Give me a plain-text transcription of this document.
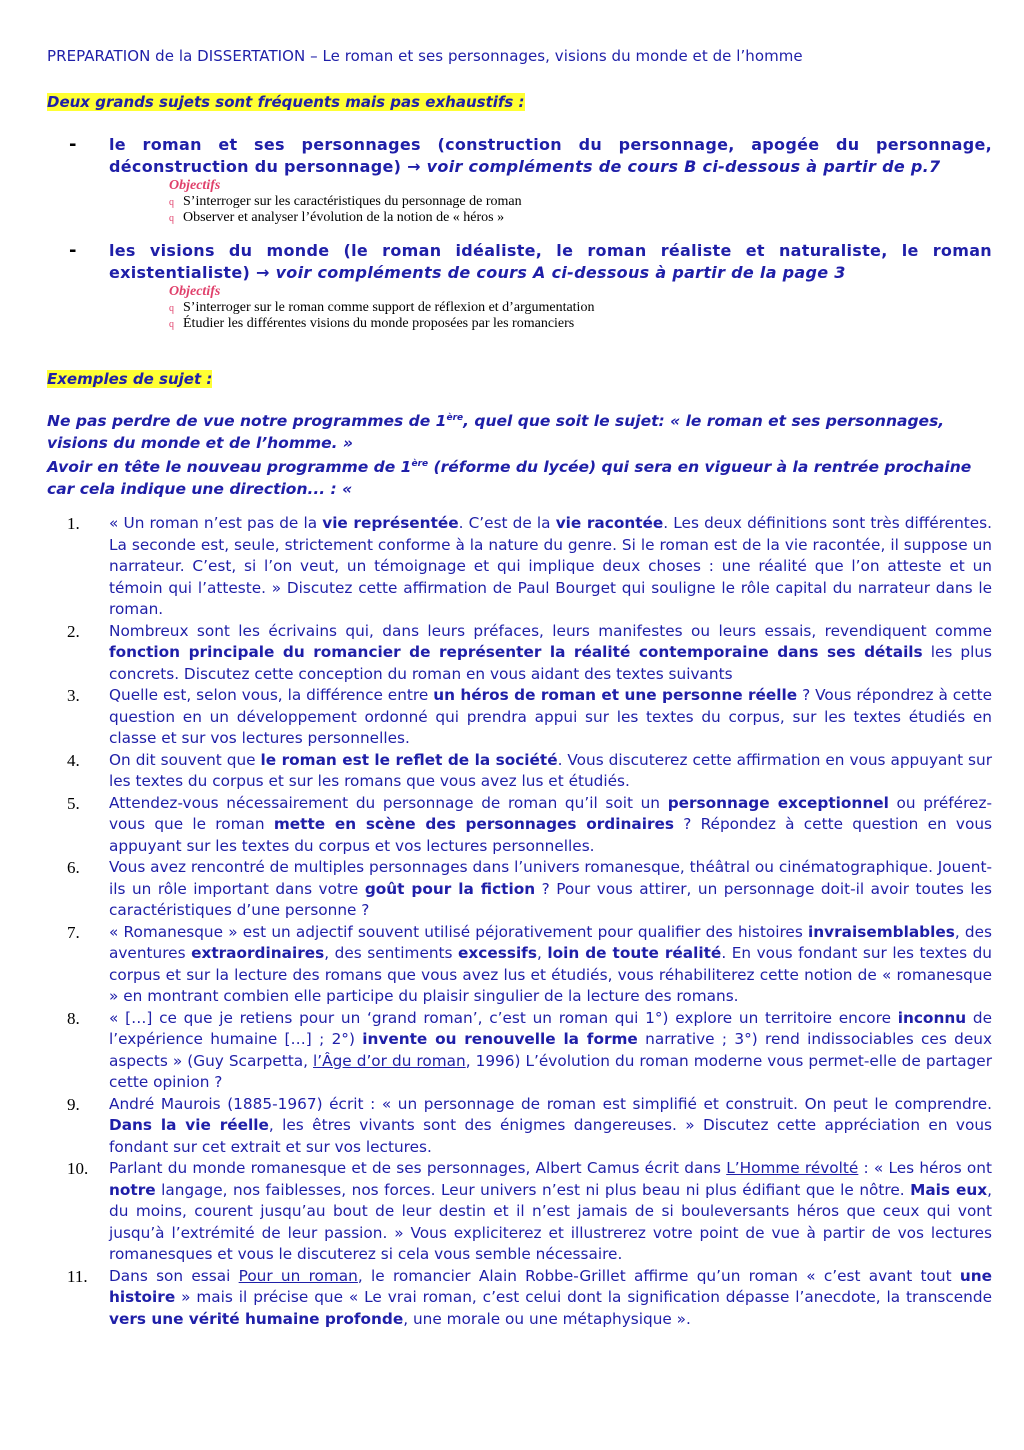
PREPARATION de la DISSERTATION – Le roman et ses personnages, visions du monde et de l’homme
Deux grands sujets sont fréquents mais pas exhaustifs :
- le roman et ses personnages (construction du personnage, apogée du personnage, déconstruction du personnage) → voir compléments de cours B ci-dessous à partir de p.7
Objectifs
q S’interroger sur les caractéristiques du personnage de roman
q Observer et analyser l’évolution de la notion de « héros »
- les visions du monde (le roman idéaliste, le roman réaliste et naturaliste, le roman existentialiste) → voir compléments de cours A ci-dessous à partir de la page 3
Objectifs
q S’interroger sur le roman comme support de réflexion et d’argumentation
q Étudier les différentes visions du monde proposées par les romanciers
Exemples de sujet :
Ne pas perdre de vue notre programmes de 1ère, quel que soit le sujet: « le roman et ses personnages, visions du monde et de l’homme. »
Avoir en tête le nouveau programme de 1ère (réforme du lycée) qui sera en vigueur à la rentrée prochaine car cela indique une direction... : «
1.	« Un roman n’est pas de la vie représentée. C’est de la vie racontée. Les deux définitions sont très différentes. La seconde est, seule, strictement conforme à la nature du genre. Si le roman est de la vie racontée, il suppose un narrateur. C’est, si l’on veut, un témoignage et qui implique deux choses : une réalité que l’on atteste et un témoin qui l’atteste. » Discutez cette affirmation de Paul Bourget qui souligne le rôle capital du narrateur dans le roman.
2.	Nombreux sont les écrivains qui, dans leurs préfaces, leurs manifestes ou leurs essais, revendiquent comme fonction principale du romancier de représenter la réalité contemporaine dans ses détails les plus concrets. Discutez cette conception du roman en vous aidant des textes suivants
3.	Quelle est, selon vous, la différence entre un héros de roman et une personne réelle ? Vous répondrez à cette question en un développement ordonné qui prendra appui sur les textes du corpus, sur les textes étudiés en classe et sur vos lectures personnelles.
4.	On dit souvent que le roman est le reflet de la société. Vous discuterez cette affirmation en vous appuyant sur les textes du corpus et sur les romans que vous avez lus et étudiés.
5.	Attendez-vous nécessairement du personnage de roman qu’il soit un personnage exceptionnel ou préférez-vous que le roman mette en scène des personnages ordinaires ? Répondez à cette question en vous appuyant sur les textes du corpus et vos lectures personnelles.
6.	Vous avez rencontré de multiples personnages dans l’univers romanesque, théâtral ou cinématographique. Jouent-ils un rôle important dans votre goût pour la fiction ? Pour vous attirer, un personnage doit-il avoir toutes les caractéristiques d’une personne ?
7.	« Romanesque » est un adjectif souvent utilisé péjorativement pour qualifier des histoires invraisemblables, des aventures extraordinaires, des sentiments excessifs, loin de toute réalité. En vous fondant sur les textes du corpus et sur la lecture des romans que vous avez lus et étudiés, vous réhabiliterez cette notion de « romanesque » en montrant combien elle participe du plaisir singulier de la lecture des romans.
8.	« […] ce que je retiens pour un ‘grand roman’, c’est un roman qui 1°) explore un territoire encore inconnu de l’expérience humaine […] ; 2°) invente ou renouvelle la forme narrative ; 3°) rend indissociables ces deux aspects » (Guy Scarpetta, l’Âge d’or du roman, 1996) L’évolution du roman moderne vous permet-elle de partager cette opinion ?
9.	André Maurois (1885-1967) écrit : « un personnage de roman est simplifié et construit. On peut le comprendre. Dans la vie réelle, les êtres vivants sont des énigmes dangereuses. » Discutez cette appréciation en vous fondant sur cet extrait et sur vos lectures.
10.	Parlant du monde romanesque et de ses personnages, Albert Camus écrit dans L’Homme révolté : « Les héros ont notre langage, nos faiblesses, nos forces. Leur univers n’est ni plus beau ni plus édifiant que le nôtre. Mais eux, du moins, courent jusqu’au bout de leur destin et il n’est jamais de si bouleversants héros que ceux qui vont jusqu’à l’extrémité de leur passion. » Vous expliciterez et illustrerez votre point de vue à partir de vos lectures romanesques et vous le discuterez si cela vous semble nécessaire.
11.	Dans son essai Pour un roman, le romancier Alain Robbe-Grillet affirme qu’un roman « c’est avant tout une histoire » mais il précise que « Le vrai roman, c’est celui dont la signification dépasse l’anecdote, la transcende vers une vérité humaine profonde, une morale ou une métaphysique ».
